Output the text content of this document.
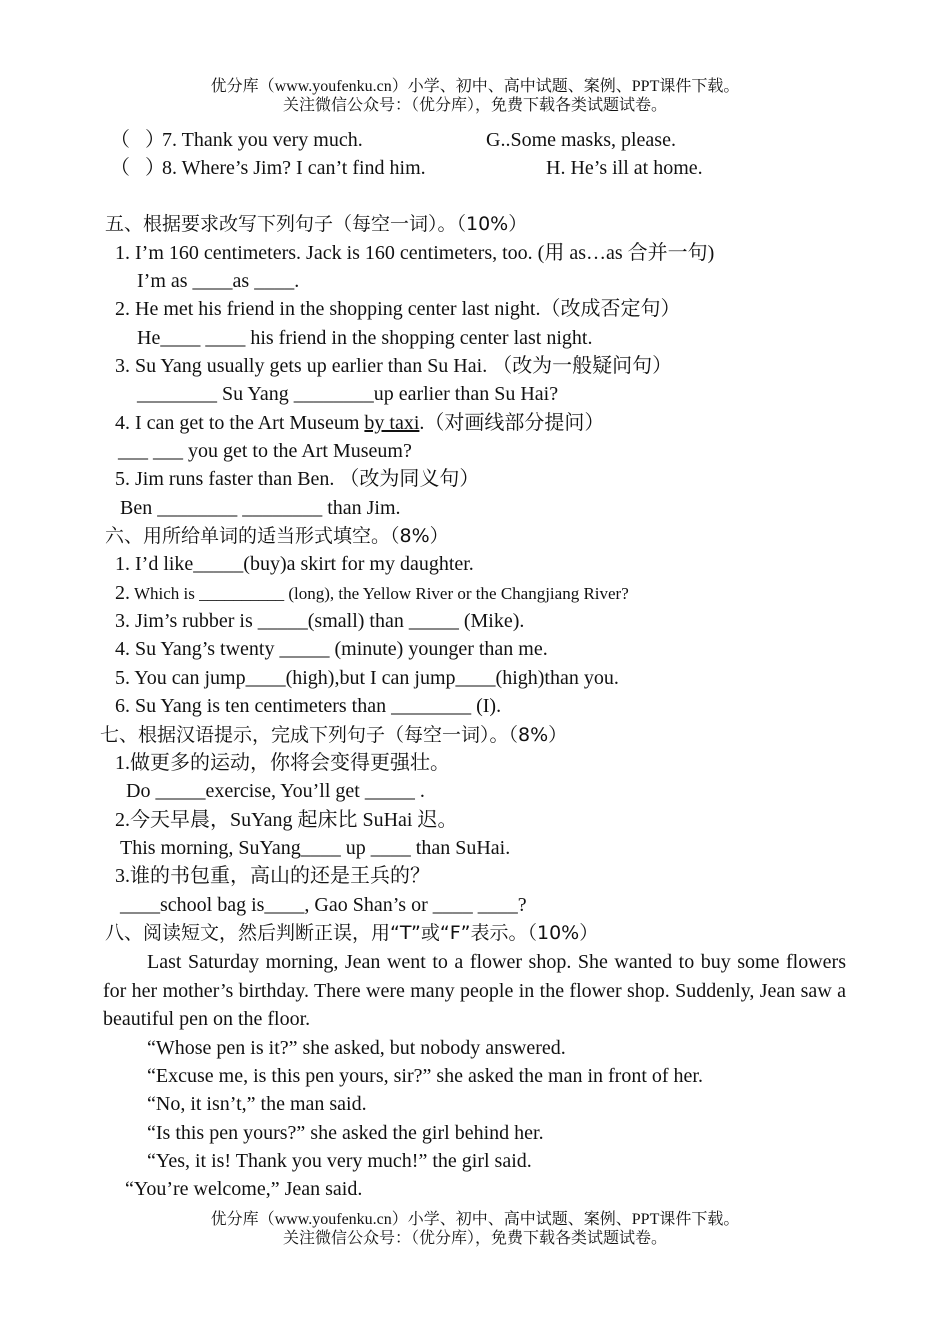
优分库（www.youfenku.cn）小学、初中、高中试题、案例、PPT课件下载。
关注微信公众号：（优分库），免费下载各类试题试卷。
（   ）7. Thank you very much.	G..Some masks, please.
（   ）8. Where’s Jim? I can’t find him.	H. He’s ill at home.
五、根据要求改写下列句子（每空一词）。（10%）
1. I’m 160 centimeters. Jack is 160 centimeters, too. (用 as…as 合并一句)
I’m as ____as ____.
2. He met his friend in the shopping center last night.（改成否定句）
He____ ____ his friend in the shopping center last night.
3. Su Yang usually gets up earlier than Su Hai. （改为一般疑问句）
________ Su Yang ________up earlier than Su Hai?
4. I can get to the Art Museum by taxi.（对画线部分提问）
___ ___ you get to the Art Museum?
5. Jim runs faster than Ben. （改为同义句）
Ben ________ ________ than Jim.
六、用所给单词的适当形式填空。（8%）
1. I’d like_____(buy)a skirt for my daughter.
2. Which is __________ (long), the Yellow River or the Changjiang River?
3. Jim’s rubber is _____(small) than _____ (Mike).
4. Su Yang’s twenty _____ (minute) younger than me.
5. You can jump____(high),but I can jump____(high)than you.
6. Su Yang is ten centimeters than ________ (I).
七、根据汉语提示，完成下列句子（每空一词）。（8%）
1.做更多的运动，你将会变得更强壮。
Do _____exercise, You’ll get _____ .
2.今天早晨，SuYang 起床比 SuHai 迟。
This morning, SuYang____ up ____ than SuHai.
3.谁的书包重，高山的还是王兵的？
____school bag is____, Gao Shan’s or ____ ____?
八、阅读短文，然后判断正误，用“T”或“F”表示。（10%）
Last Saturday morning, Jean went to a flower shop. She wanted to buy some flowers for her mother’s birthday. There were many people in the flower shop. Suddenly, Jean saw a beautiful pen on the floor.
“Whose pen is it?” she asked, but nobody answered.
“Excuse me, is this pen yours, sir?” she asked the man in front of her.
“No, it isn’t,” the man said.
“Is this pen yours?” she asked the girl behind her.
“Yes, it is! Thank you very much!” the girl said.
“You’re welcome,” Jean said.
优分库（www.youfenku.cn）小学、初中、高中试题、案例、PPT课件下载。
关注微信公众号：（优分库），免费下载各类试题试卷。
